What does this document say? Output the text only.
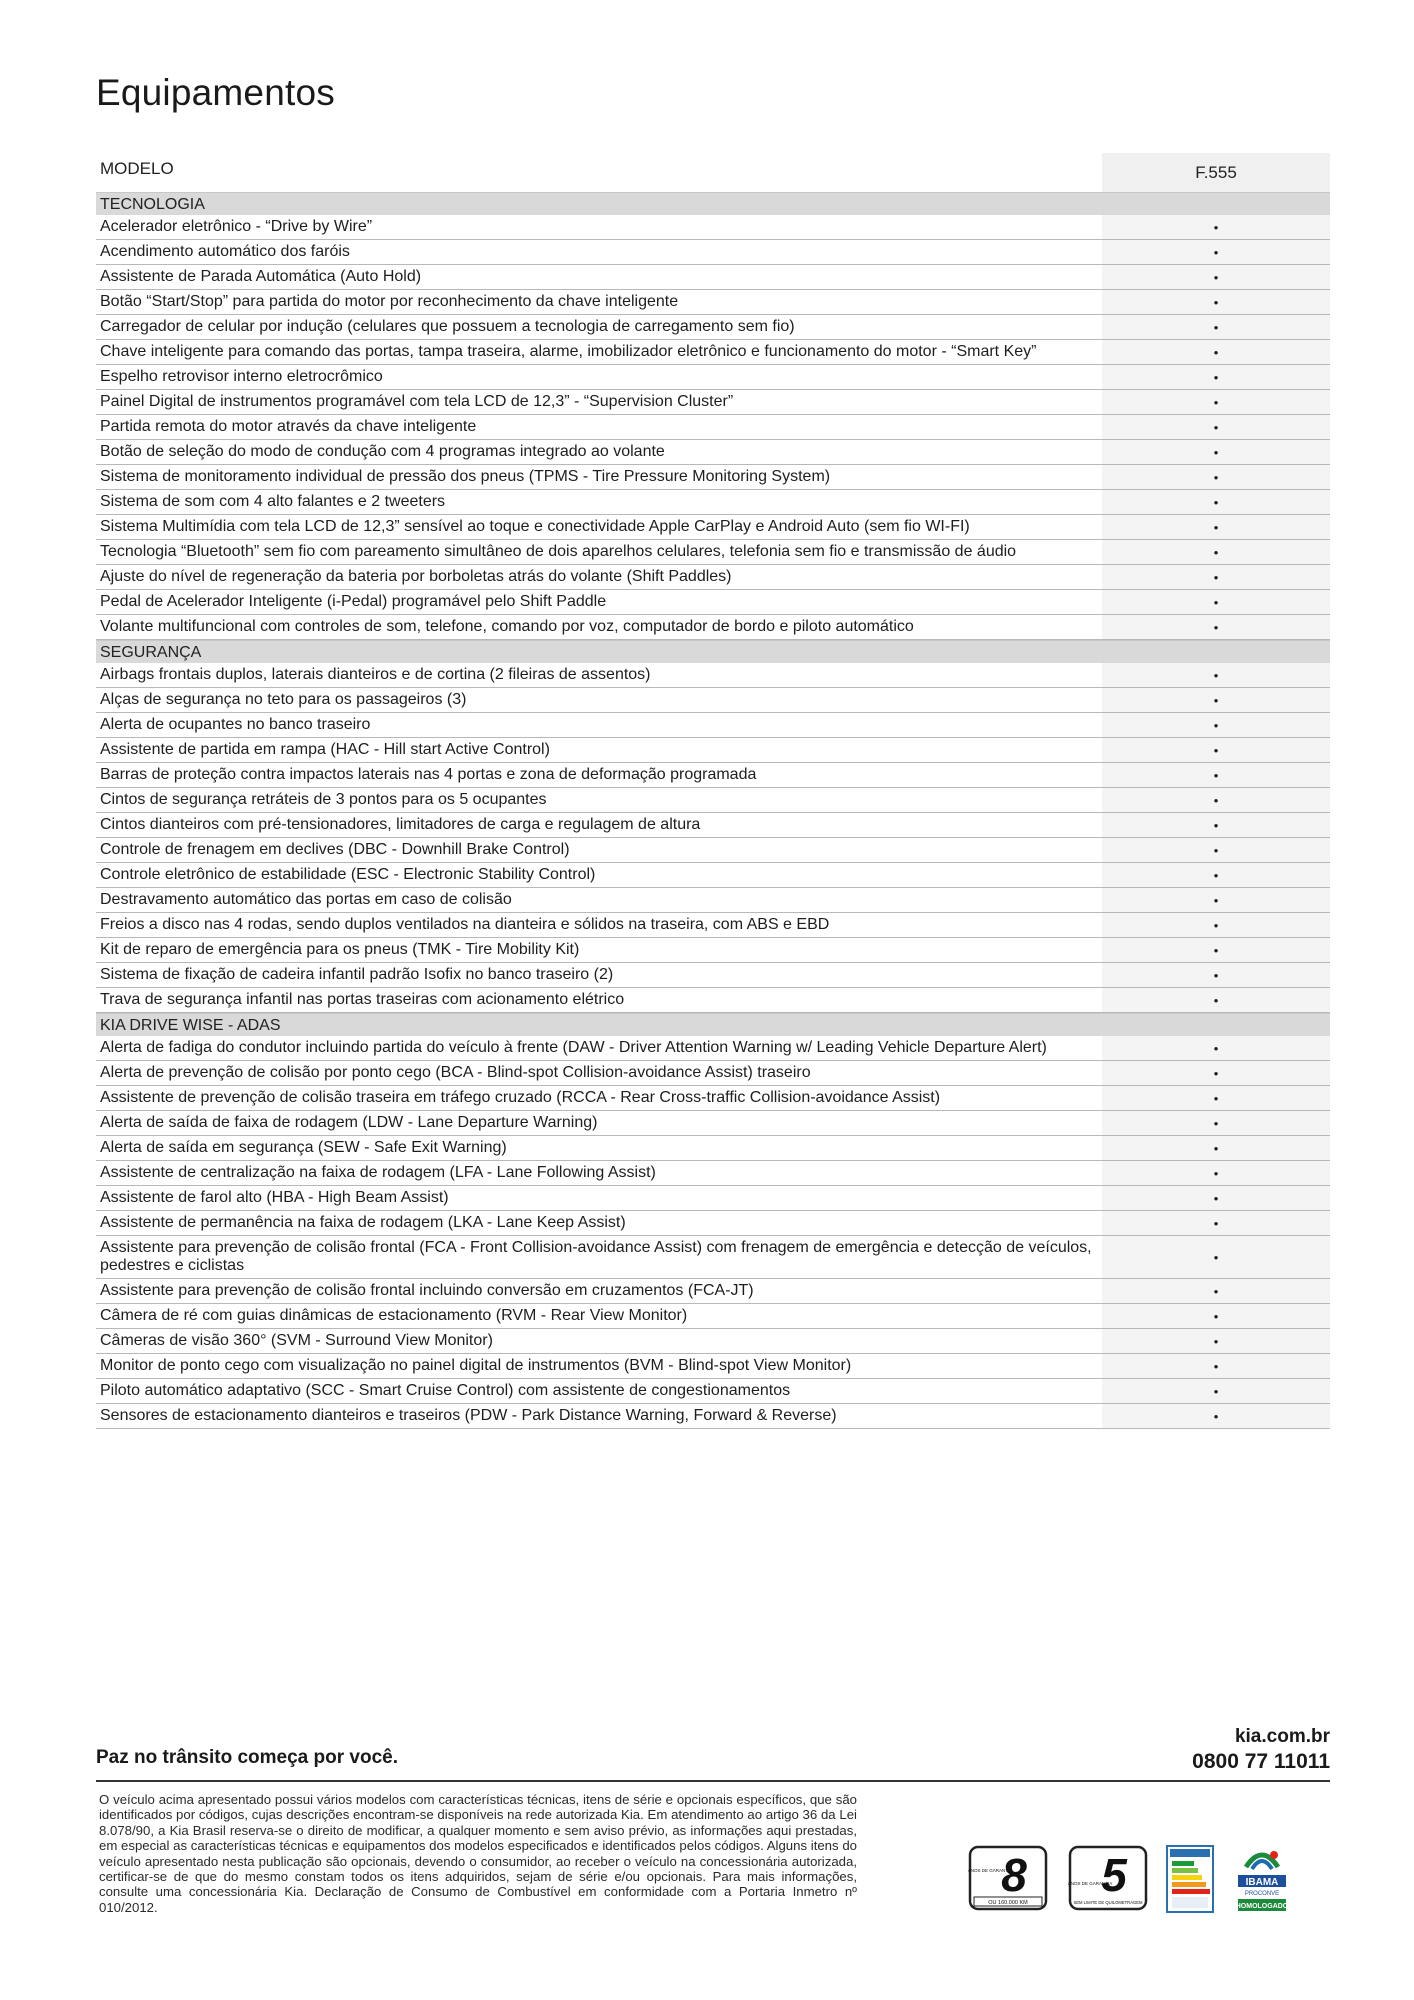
Equipamentos
MODELO	F.555
TECNOLOGIA
Acelerador eletrônico - “Drive by Wire”	•
Acendimento automático dos faróis	•
Assistente de Parada Automática (Auto Hold)	•
Botão “Start/Stop” para partida do motor por reconhecimento da chave inteligente	•
Carregador de celular por indução (celulares que possuem a tecnologia de carregamento sem fio)	•
Chave inteligente para comando das portas, tampa traseira, alarme, imobilizador eletrônico e funcionamento do motor - “Smart Key”	•
Espelho retrovisor interno eletrocrômico	•
Painel Digital de instrumentos programável com tela LCD de 12,3” - “Supervision Cluster”	•
Partida remota do motor através da chave inteligente	•
Botão de seleção do modo de condução com 4 programas integrado ao volante	•
Sistema de monitoramento individual de pressão dos pneus (TPMS - Tire Pressure Monitoring System)	•
Sistema de som com 4 alto falantes e 2 tweeters	•
Sistema Multimídia com tela LCD de 12,3” sensível ao toque e conectividade Apple CarPlay e Android Auto (sem fio WI-FI)	•
Tecnologia “Bluetooth” sem fio com pareamento simultâneo de dois aparelhos celulares, telefonia sem fio e transmissão de áudio	•
Ajuste do nível de regeneração da bateria por borboletas atrás do volante (Shift Paddles)	•
Pedal de Acelerador Inteligente (i-Pedal) programável pelo Shift Paddle	•
Volante multifuncional com controles de som, telefone, comando por voz, computador de bordo e piloto automático	•
SEGURANÇA
Airbags frontais duplos, laterais dianteiros e de cortina (2 fileiras de assentos)	•
Alças de segurança no teto para os passageiros (3)	•
Alerta de ocupantes no banco traseiro	•
Assistente de partida em rampa (HAC - Hill start Active Control)	•
Barras de proteção contra impactos laterais nas 4 portas e zona de deformação programada	•
Cintos de segurança retráteis de 3 pontos para os 5 ocupantes	•
Cintos dianteiros com pré-tensionadores, limitadores de carga e regulagem de altura	•
Controle de frenagem em declives (DBC - Downhill Brake Control)	•
Controle eletrônico de estabilidade (ESC - Electronic Stability Control)	•
Destravamento automático das portas em caso de colisão	•
Freios a disco nas 4 rodas, sendo duplos ventilados na dianteira e sólidos na traseira, com ABS e EBD	•
Kit de reparo de emergência para os pneus (TMK - Tire Mobility Kit)	•
Sistema de fixação de cadeira infantil padrão Isofix no banco traseiro (2)	•
Trava de segurança infantil nas portas traseiras com acionamento elétrico	•
KIA DRIVE WISE - ADAS
Alerta de fadiga do condutor incluindo partida do veículo à frente (DAW - Driver Attention Warning w/ Leading Vehicle Departure Alert)	•
Alerta de prevenção de colisão por ponto cego (BCA - Blind-spot Collision-avoidance Assist) traseiro	•
Assistente de prevenção de colisão traseira em tráfego cruzado (RCCA - Rear Cross-traffic Collision-avoidance Assist)	•
Alerta de saída de faixa de rodagem (LDW - Lane Departure Warning)	•
Alerta de saída em segurança (SEW - Safe Exit Warning)	•
Assistente de centralização na faixa de rodagem (LFA - Lane Following Assist)	•
Assistente de farol alto (HBA - High Beam Assist)	•
Assistente de permanência na faixa de rodagem (LKA - Lane Keep Assist)	•
Assistente para prevenção de colisão frontal (FCA - Front Collision-avoidance Assist) com frenagem de emergência e detecção de veículos, pedestres e ciclistas	•
Assistente para prevenção de colisão frontal incluindo conversão em cruzamentos (FCA-JT)	•
Câmera de ré com guias dinâmicas de estacionamento (RVM - Rear View Monitor)	•
Câmeras de visão 360° (SVM - Surround View Monitor)	•
Monitor de ponto cego com visualização no painel digital de instrumentos (BVM - Blind-spot View Monitor)	•
Piloto automático adaptativo (SCC - Smart Cruise Control) com assistente de congestionamentos	•
Sensores de estacionamento dianteiros e traseiros (PDW - Park Distance Warning, Forward & Reverse)	•
Paz no trânsito começa por você.
kia.com.br
0800 77 11011
O veículo acima apresentado possui vários modelos com características técnicas, itens de série e opcionais específicos, que são identificados por códigos, cujas descrições encontram-se disponíveis na rede autorizada Kia. Em atendimento ao artigo 36 da Lei 8.078/90, a Kia Brasil reserva-se o direito de modificar, a qualquer momento e sem aviso prévio, as informações aqui prestadas, em especial as características técnicas e equipamentos dos modelos especificados e identificados pelos códigos. Alguns itens do veículo apresentado nesta publicação são opcionais, devendo o consumidor, ao receber o veículo na concessionária autorizada, certificar-se de que do mesmo constam todos os itens adquiridos, sejam de série e/ou opcionais. Para mais informações, consulte uma concessionária Kia. Declaração de Consumo de Combustível em conformidade com a Portaria Inmetro nº 010/2012.
8
ANOS DE GARANTIA
OU 160.000 KM
5
ANOS DE GARANTIA
SEM LIMITE DE QUILOMETRAGEM
IBAMA
PROCONVE
HOMOLOGADO
